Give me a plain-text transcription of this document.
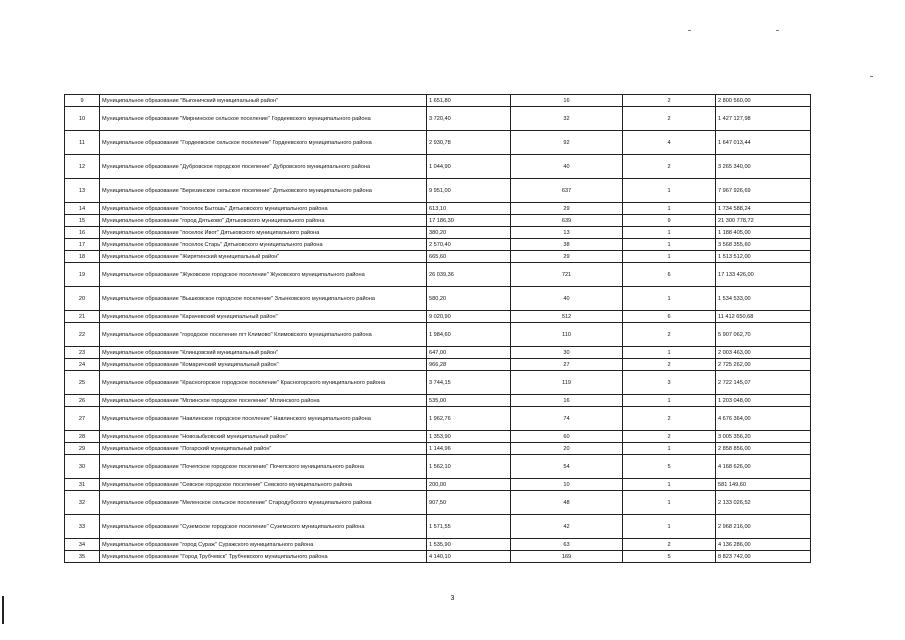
9	Муниципальное образование "Выгоничский муниципальный район"	1 651,80	16	2	2 800 560,00
10	Муниципальное образование "Мирнинское сельское поселение" Гордеевского муниципального района	3 720,40	32	2	1 427 127,98
11	Муниципальное образование "Гордеевское сельское поселение" Гордеевского муниципального района	2 930,78	92	4	1 647 013,44
12	Муниципальное образование "Дубровское городское поселение" Дубровского муниципального района	1 044,90	40	2	3 265 340,00
13	Муниципальное образование "Березинское сельское поселение" Дятьковского муниципального района	9 951,00	637	1	7 967 926,69
14	Муниципальное образование "поселок Бытошь" Дятьковского муниципального района	613,10	29	1	1 734 588,24
15	Муниципальное образование "город Дятьково" Дятьковского муниципального района	17 186,30	639	9	21 300 778,72
16	Муниципальное образование "поселок Ивот" Дятьковского муниципального района	380,20	13	1	1 188 405,00
17	Муниципальное образование "поселок Старь" Дятьковского муниципального района	2 570,40	38	1	3 568 355,60
18	Муниципальное образование "Жирятинский муниципальный район"	665,60	29	1	1 513 512,00
19	Муниципальное образование "Жуковское городское поселение" Жуковского муниципального района	26 039,36	721	6	17 133 426,00
20	Муниципальное образование "Вышковское городское поселение" Злынковского муниципального района	580,20	40	1	1 534 533,00
21	Муниципальное образование "Карачевский муниципальный район"	9 020,90	512	6	11 412 650,68
22	Муниципальное образование "городское поселение пгт Климово" Климовского муниципального района	1 984,60	110	2	5 907 062,70
23	Муниципальное образование "Клинцовский муниципальный район"	647,00	30	1	2 003 463,00
24	Муниципальное образование "Комаричский муниципальный район"	966,28	27	2	2 725 262,00
25	Муниципальное образование "Красногорское городское поселение" Красногорского муниципального района	3 744,15	119	3	2 722 145,07
26	Муниципальное образование "Мглинское городское поселение" Мглинского района	535,00	16	1	1 203 048,00
27	Муниципальное образование "Навлинское городское поселение" Навлинского муниципального района	1 962,76	74	2	4 676 364,00
28	Муниципальное образование "Новозыбковский муниципальный район"	1 353,90	60	2	3 005 356,20
29	Муниципальное образование "Погарский муниципальный район"	1 144,96	20	1	2 858 856,00
30	Муниципальное образование "Почепское городское поселение" Почепского муниципального района	1 562,10	54	5	4 168 626,00
31	Муниципальное образование "Севское городское поселение" Севского муниципального района	200,00	10	1	581 149,60
32	Муниципальное образование "Меленское сельское поселение" Стародубского муниципального района	907,50	48	1	2 133 026,52
33	Муниципальное образование "Суземское городское поселение" Суземского муниципального района	1 571,55	42	1	2 968 216,00
34	Муниципальное образование "город Сураж" Суражского муниципального района	1 535,90	63	2	4 136 286,00
35	Муниципальное образование "Город Трубчевск" Трубчевского муниципального района	4 140,10	169	5	8 823 742,00
3
